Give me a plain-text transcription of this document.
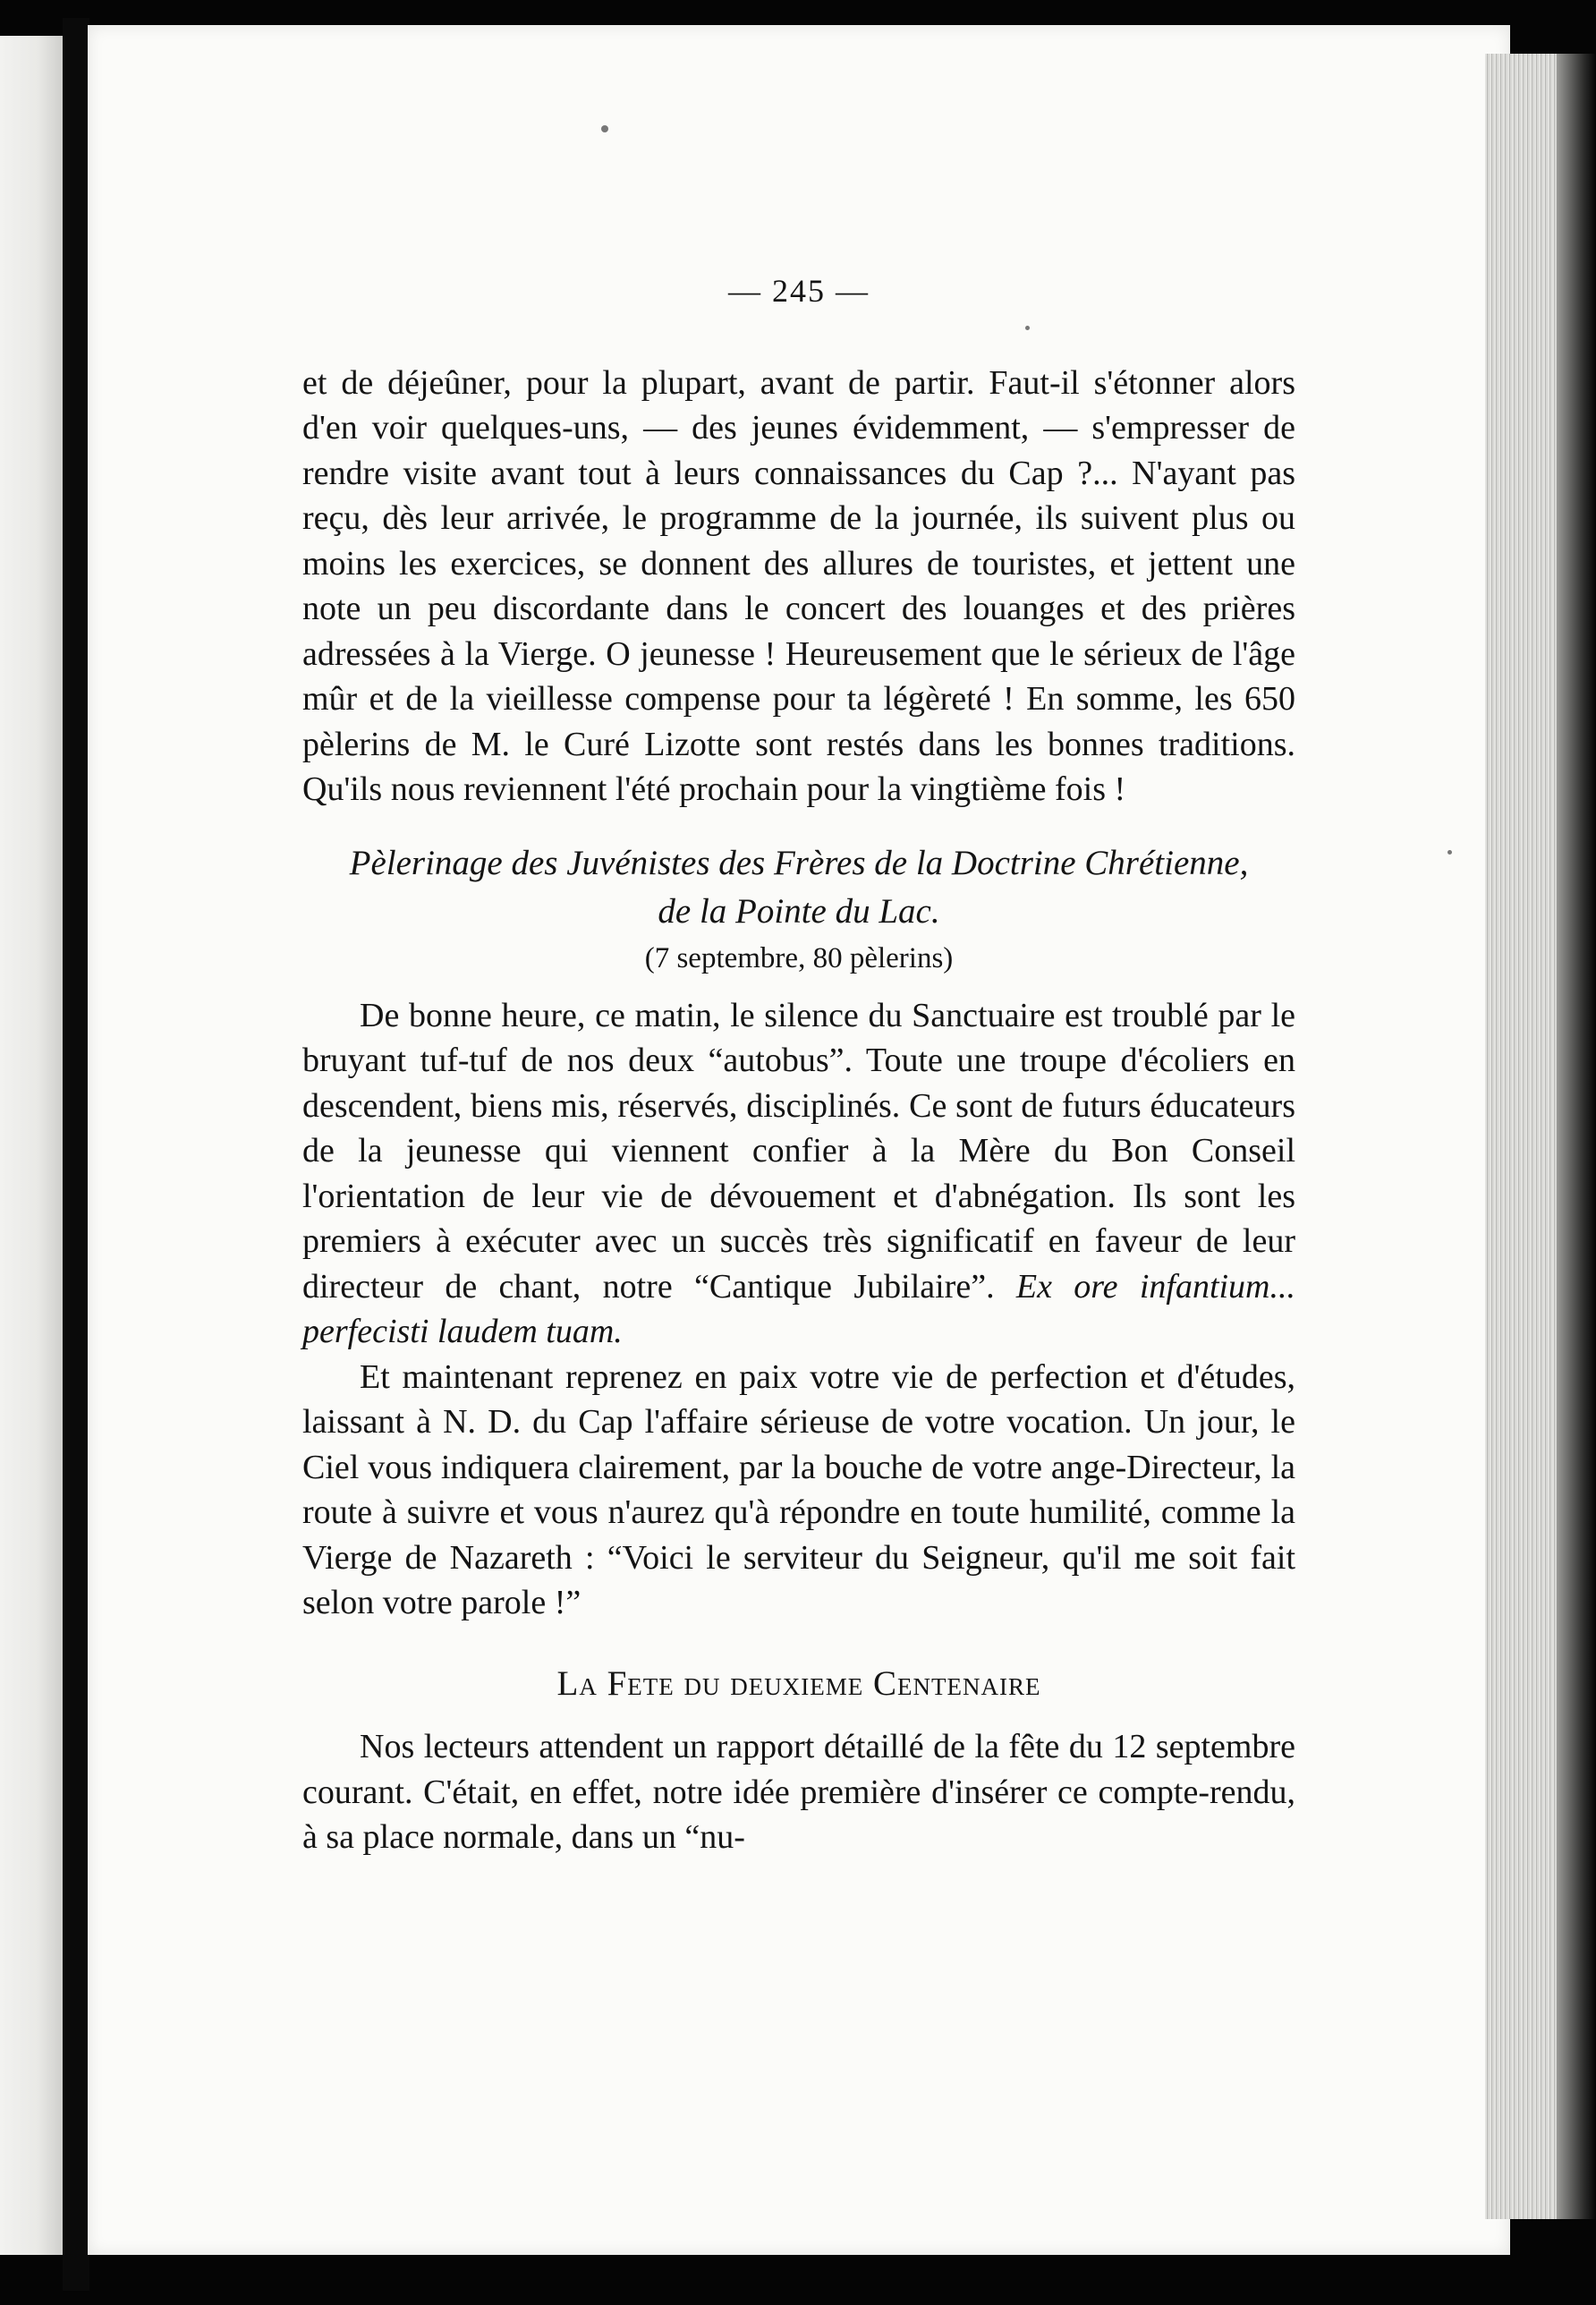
— 245 —

et de déjeûner, pour la plupart, avant de partir. Faut-il s'étonner alors d'en voir quelques-uns, — des jeunes évidemment, — s'empresser de rendre visite avant tout à leurs connaissances du Cap ?... N'ayant pas reçu, dès leur arrivée, le programme de la journée, ils suivent plus ou moins les exercices, se donnent des allures de touristes, et jettent une note un peu discordante dans le concert des louanges et des prières adressées à la Vierge. O jeunesse ! Heureusement que le sérieux de l'âge mûr et de la vieillesse compense pour ta légèreté ! En somme, les 650 pèlerins de M. le Curé Lizotte sont restés dans les bonnes traditions. Qu'ils nous reviennent l'été prochain pour la vingtième fois !

Pèlerinage des Juvénistes des Frères de la Doctrine Chrétienne, de la Pointe du Lac.
(7 septembre, 80 pèlerins)

De bonne heure, ce matin, le silence du Sanctuaire est troublé par le bruyant tuf-tuf de nos deux “autobus”. Toute une troupe d'écoliers en descendent, biens mis, réservés, disciplinés. Ce sont de futurs éducateurs de la jeunesse qui viennent confier à la Mère du Bon Conseil l'orientation de leur vie de dévouement et d'abnégation. Ils sont les premiers à exécuter avec un succès très significatif en faveur de leur directeur de chant, notre “Cantique Jubilaire”. Ex ore infantium... perfecisti laudem tuam.

Et maintenant reprenez en paix votre vie de perfection et d'études, laissant à N. D. du Cap l'affaire sérieuse de votre vocation. Un jour, le Ciel vous indiquera clairement, par la bouche de votre ange-Directeur, la route à suivre et vous n'aurez qu'à répondre en toute humilité, comme la Vierge de Nazareth : “Voici le serviteur du Seigneur, qu'il me soit fait selon votre parole !”

La Fete du deuxieme Centenaire

Nos lecteurs attendent un rapport détaillé de la fête du 12 septembre courant. C'était, en effet, notre idée première d'insérer ce compte-rendu, à sa place normale, dans un “nu-
